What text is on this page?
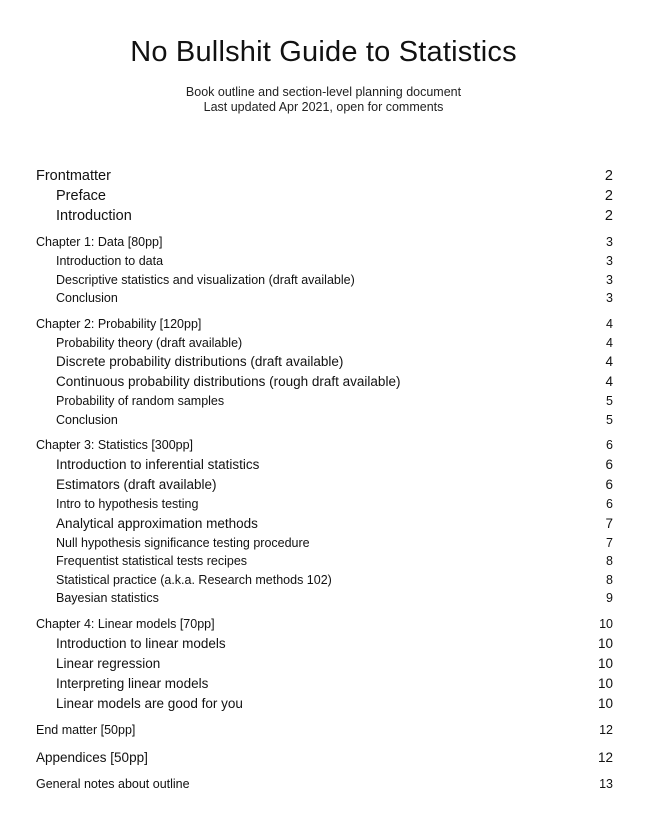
No Bullshit Guide to Statistics
Book outline and section-level planning document
Last updated Apr 2021, open for comments
Frontmatter	2
Preface	2
Introduction	2
Chapter 1: Data [80pp]	3
Introduction to data	3
Descriptive statistics and visualization (draft available)	3
Conclusion	3
Chapter 2: Probability [120pp]	4
Probability theory (draft available)	4
Discrete probability distributions (draft available)	4
Continuous probability distributions (rough draft available)	4
Probability of random samples	5
Conclusion	5
Chapter 3: Statistics [300pp]	6
Introduction to inferential statistics	6
Estimators (draft available)	6
Intro to hypothesis testing	6
Analytical approximation methods	7
Null hypothesis significance testing procedure	7
Frequentist statistical tests recipes	8
Statistical practice (a.k.a. Research methods 102)	8
Bayesian statistics	9
Chapter 4: Linear models [70pp]	10
Introduction to linear models	10
Linear regression	10
Interpreting linear models	10
Linear models are good for you	10
End matter [50pp]	12
Appendices [50pp]	12
General notes about outline	13
